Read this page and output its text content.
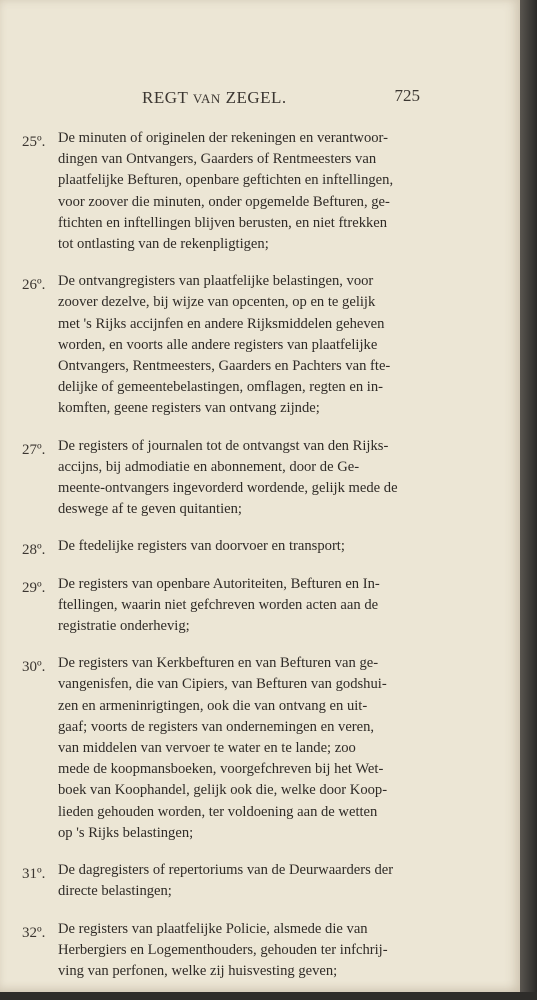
REGT VAN ZEGEL.	725
25º. De minuten of originelen der rekeningen en verantwoor-
dingen van Ontvangers, Gaarders of Rentmeesters van
plaatfelijke Befturen, openbare geftichten en inftellingen,
voor zoover die minuten, onder opgemelde Befturen, ge-
ftichten en inftellingen blijven berusten, en niet ftrekken
tot ontlasting van de rekenpligtigen;
26º. De ontvangregisters van plaatfelijke belastingen, voor
zoover dezelve, bij wijze van opcenten, op en te gelijk
met 's Rijks accijnfen en andere Rijksmiddelen geheven
worden, en voorts alle andere registers van plaatfelijke
Ontvangers, Rentmeesters, Gaarders en Pachters van fte-
delijke of gemeentebelastingen, omflagen, regten en in-
komften, geene registers van ontvang zijnde;
27º. De registers of journalen tot de ontvangst van den Rijks-
accijns, bij admodiatie en abonnement, door de Ge-
meente-ontvangers ingevorderd wordende, gelijk mede de
deswege af te geven quitantien;
28º. De ftedelijke registers van doorvoer en transport;
29º. De registers van openbare Autoriteiten, Befturen en In-
ftellingen, waarin niet gefchreven worden acten aan de
registratie onderhevig;
30º. De registers van Kerkbefturen en van Befturen van ge-
vangenisfen, die van Cipiers, van Befturen van godshui-
zen en armeninrigtingen, ook die van ontvang en uit-
gaaf; voorts de registers van ondernemingen en veren,
van middelen van vervoer te water en te lande; zoo
mede de koopmansboeken, voorgefchreven bij het Wet-
boek van Koophandel, gelijk ook die, welke door Koop-
lieden gehouden worden, ter voldoening aan de wetten
op 's Rijks belastingen;
31º. De dagregisters of repertoriums van de Deurwaarders der
directe belastingen;
32º. De registers van plaatfelijke Policie, alsmede die van
Herbergiers en Logementhouders, gehouden ter infchrij-
ving van perfonen, welke zij huisvesting geven;
